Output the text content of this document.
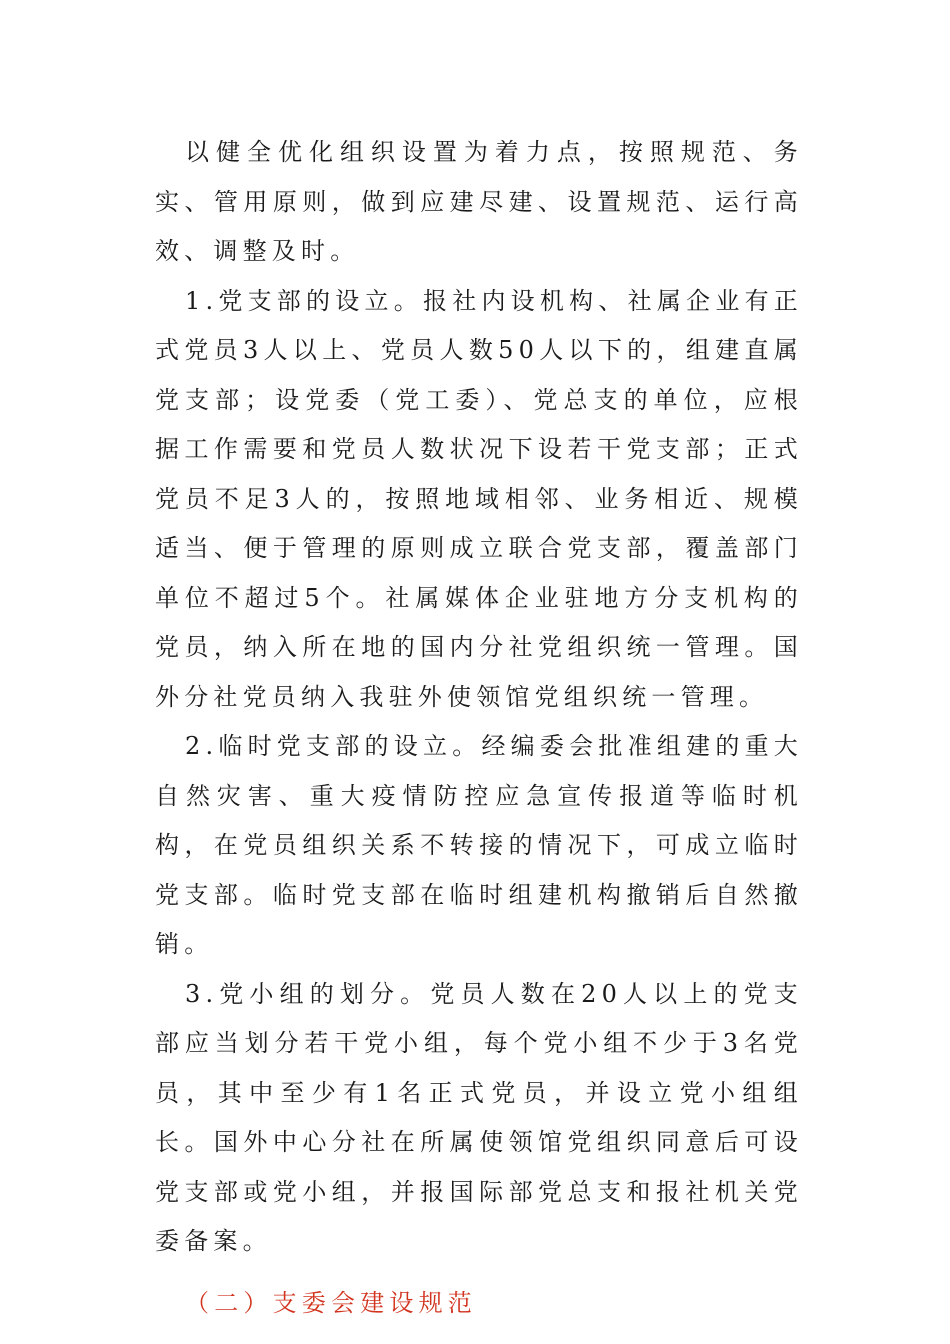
以健全优化组织设置为着力点，按照规范、务实、管用原则，做到应建尽建、设置规范、运行高效、调整及时。

1.党支部的设立。报社内设机构、社属企业有正式党员3人以上、党员人数50人以下的，组建直属党支部；设党委（党工委）、党总支的单位，应根据工作需要和党员人数状况下设若干党支部；正式党员不足3人的，按照地域相邻、业务相近、规模适当、便于管理的原则成立联合党支部，覆盖部门单位不超过5个。社属媒体企业驻地方分支机构的党员，纳入所在地的国内分社党组织统一管理。国外分社党员纳入我驻外使领馆党组织统一管理。

2.临时党支部的设立。经编委会批准组建的重大自然灾害、重大疫情防控应急宣传报道等临时机构，在党员组织关系不转接的情况下，可成立临时党支部。临时党支部在临时组建机构撤销后自然撤销。

3.党小组的划分。党员人数在20人以上的党支部应当划分若干党小组，每个党小组不少于3名党员，其中至少有1名正式党员，并设立党小组组长。国外中心分社在所属使领馆党组织同意后可设党支部或党小组，并报国际部党总支和报社机关党委备案。

（二）支委会建设规范
